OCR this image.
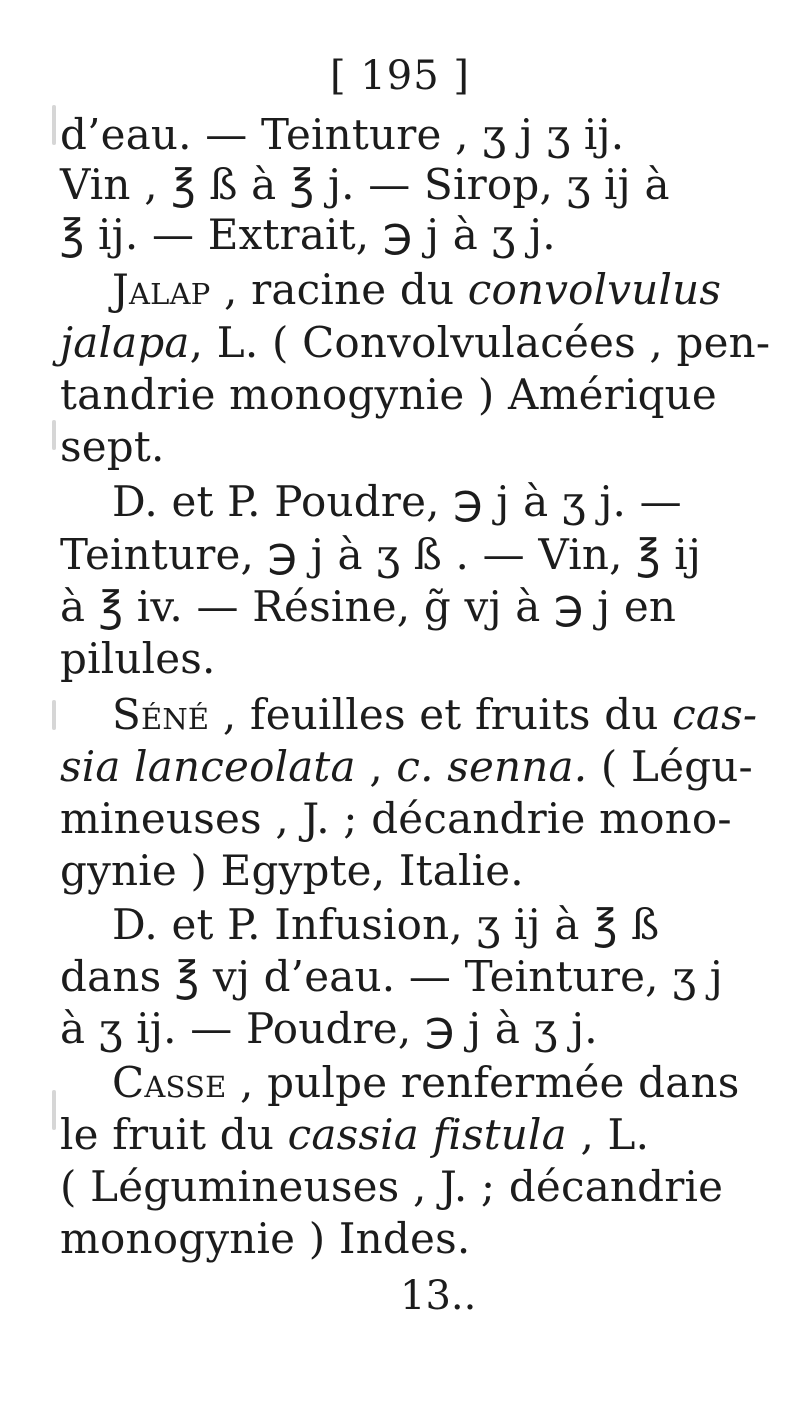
[ 195 ]
d’eau. — Teinture , ʒ j ʒ ij.
Vin , ℥ ß à ℥ j. — Sirop, ʒ ij à
℥ ij. — Extrait, ℈ j à ʒ j.
Jalap , racine du convolvulus
jalapa, L. ( Convolvulacées , pen-
tandrie monogynie ) Amérique
sept.
D. et P. Poudre, ℈ j à ʒ j. —
Teinture, ℈ j à ʒ ß . — Vin, ℥ ij
à ℥ iv. — Résine, g̃ vj à ℈ j en
pilules.
Séné , feuilles et fruits du cas-
sia lanceolata , c. senna. ( Légu-
mineuses , J. ; décandrie mono-
gynie ) Egypte, Italie.
D. et P. Infusion, ʒ ij à ℥ ß
dans ℥ vj d’eau. — Teinture, ʒ j
à ʒ ij. — Poudre, ℈ j à ʒ j.
Casse , pulpe renfermée dans
le fruit du cassia fistula , L.
( Légumineuses , J. ; décandrie
monogynie ) Indes.
13..
